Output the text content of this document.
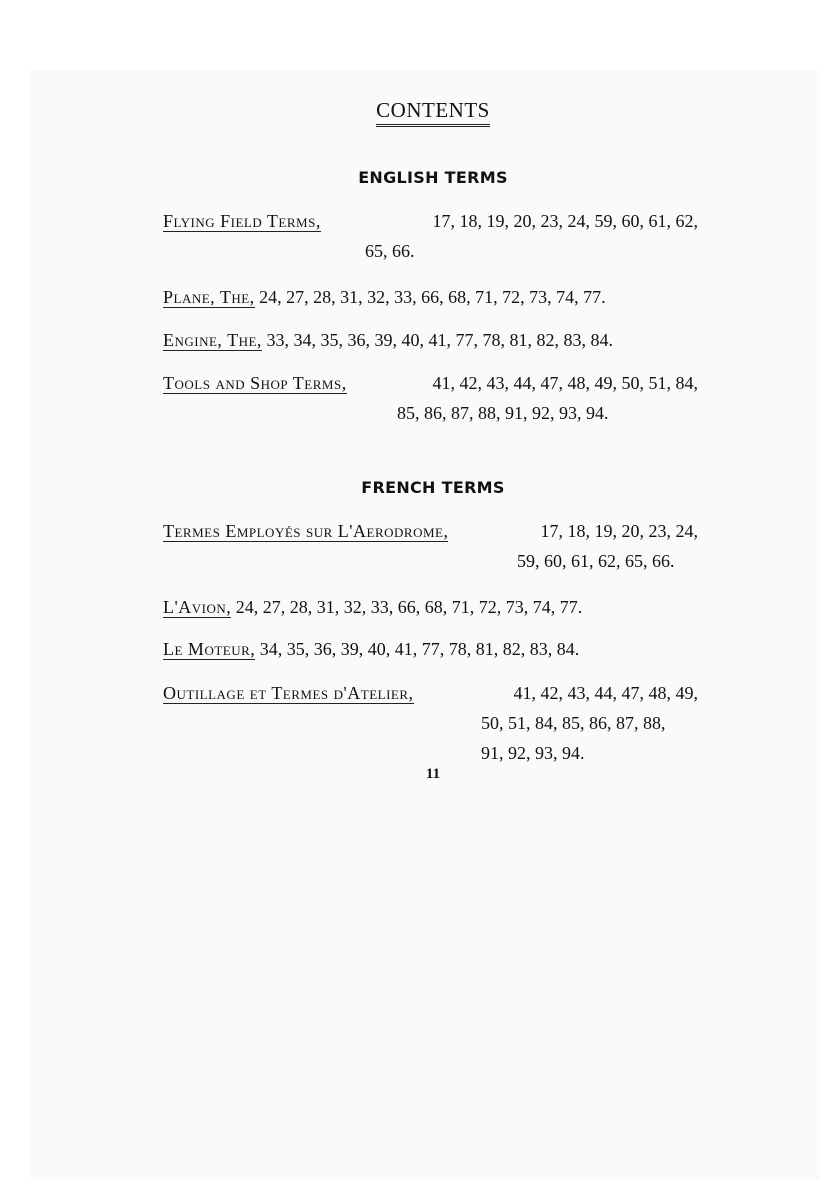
CONTENTS
ENGLISH TERMS
Flying Field Terms,	17, 18, 19, 20, 23, 24, 59, 60, 61, 62,
65, 66.
Plane, The, 24, 27, 28, 31, 32, 33, 66, 68, 71, 72, 73, 74, 77.
Engine, The, 33, 34, 35, 36, 39, 40, 41, 77, 78, 81, 82, 83, 84.
Tools and Shop Terms,	41, 42, 43, 44, 47, 48, 49, 50, 51, 84,
85, 86, 87, 88, 91, 92, 93, 94.
FRENCH TERMS
Termes Employés sur L'Aerodrome,	17, 18, 19, 20, 23, 24,
59, 60, 61, 62, 65, 66.
L'Avion, 24, 27, 28, 31, 32, 33, 66, 68, 71, 72, 73, 74, 77.
Le Moteur, 34, 35, 36, 39, 40, 41, 77, 78, 81, 82, 83, 84.
Outillage et Termes d'Atelier,	41, 42, 43, 44, 47, 48, 49,
50, 51, 84, 85, 86, 87, 88,
91, 92, 93, 94.
11
